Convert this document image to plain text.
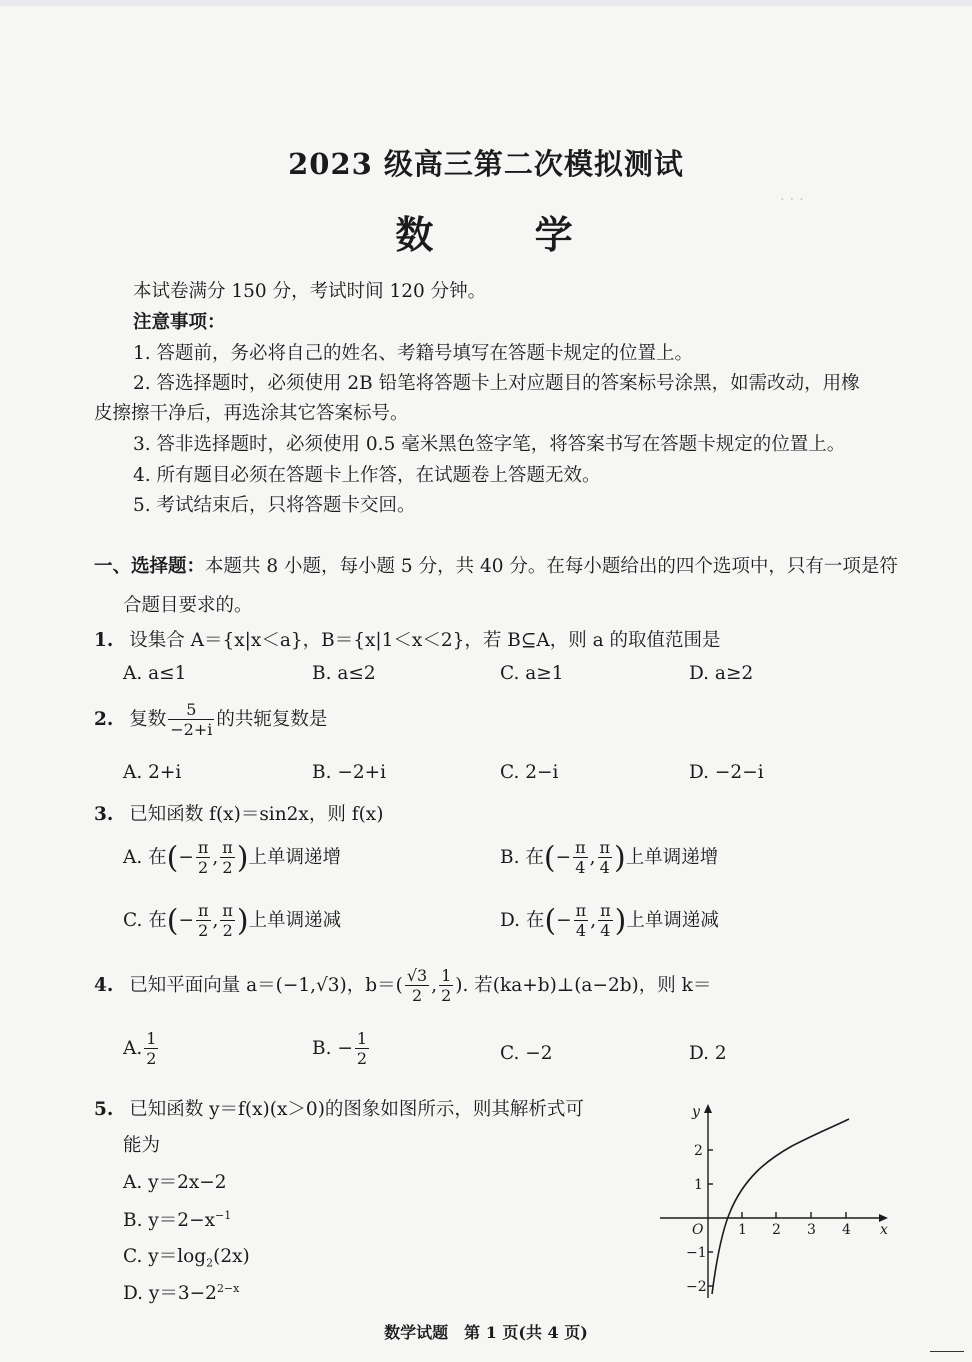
· · ·
2023 级高三第二次模拟测试
数 学
本试卷满分 150 分，考试时间 120 分钟。
注意事项：
1. 答题前，务必将自己的姓名、考籍号填写在答题卡规定的位置上。
2. 答选择题时，必须使用 2B 铅笔将答题卡上对应题目的答案标号涂黑，如需改动，用橡
皮擦擦干净后，再选涂其它答案标号。
3. 答非选择题时，必须使用 0.5 毫米黑色签字笔，将答案书写在答题卡规定的位置上。
4. 所有题目必须在答题卡上作答，在试题卷上答题无效。
5. 考试结束后，只将答题卡交回。
一、选择题：本题共 8 小题，每小题 5 分，共 40 分。在每小题给出的四个选项中，只有一项是符
合题目要求的。
1. 设集合 A＝{x|x＜a}，B＝{x|1＜x＜2}，若 B⊆A，则 a 的取值范围是
A. a≤1	B. a≤2	C. a≥1	D. a≥2
2. 复数 $\frac{5}{-2+i}$ 的共轭复数是
A. 2+i	B. −2+i	C. 2−i	D. −2−i
3. 已知函数 f(x)＝sin2x，则 f(x)
A. 在(− $\frac{\pi}{2}$ , $\frac{\pi}{2}$ )上单调递增	B. 在(− $\frac{\pi}{4}$ , $\frac{\pi}{4}$ )上单调递增
C. 在(− $\frac{\pi}{2}$ , $\frac{\pi}{2}$ )上单调递减	D. 在(− $\frac{\pi}{4}$ , $\frac{\pi}{4}$ )上单调递减
4. 已知平面向量 a＝(−1,√3)，$b=( \frac{√3}{2}$ , $\frac{1}{2}$ ). 若(ka+b)⊥(a−2b)，则 k＝
A. $\frac{1}{2}$	B. − $\frac{1}{2}$	C. −2	D. 2
5. 已知函数 y＝f(x)(x＞0)的图象如图所示，则其解析式可
能为
A. y＝2x−2
B. $y=2-x^{-1}$
C. $y=\log_2(2x)$
D. $y=3-2^{2-x}$
y
x
O 1 2 3 4
2
1
−1
−2
数学试题　第 1 页(共 4 页)
